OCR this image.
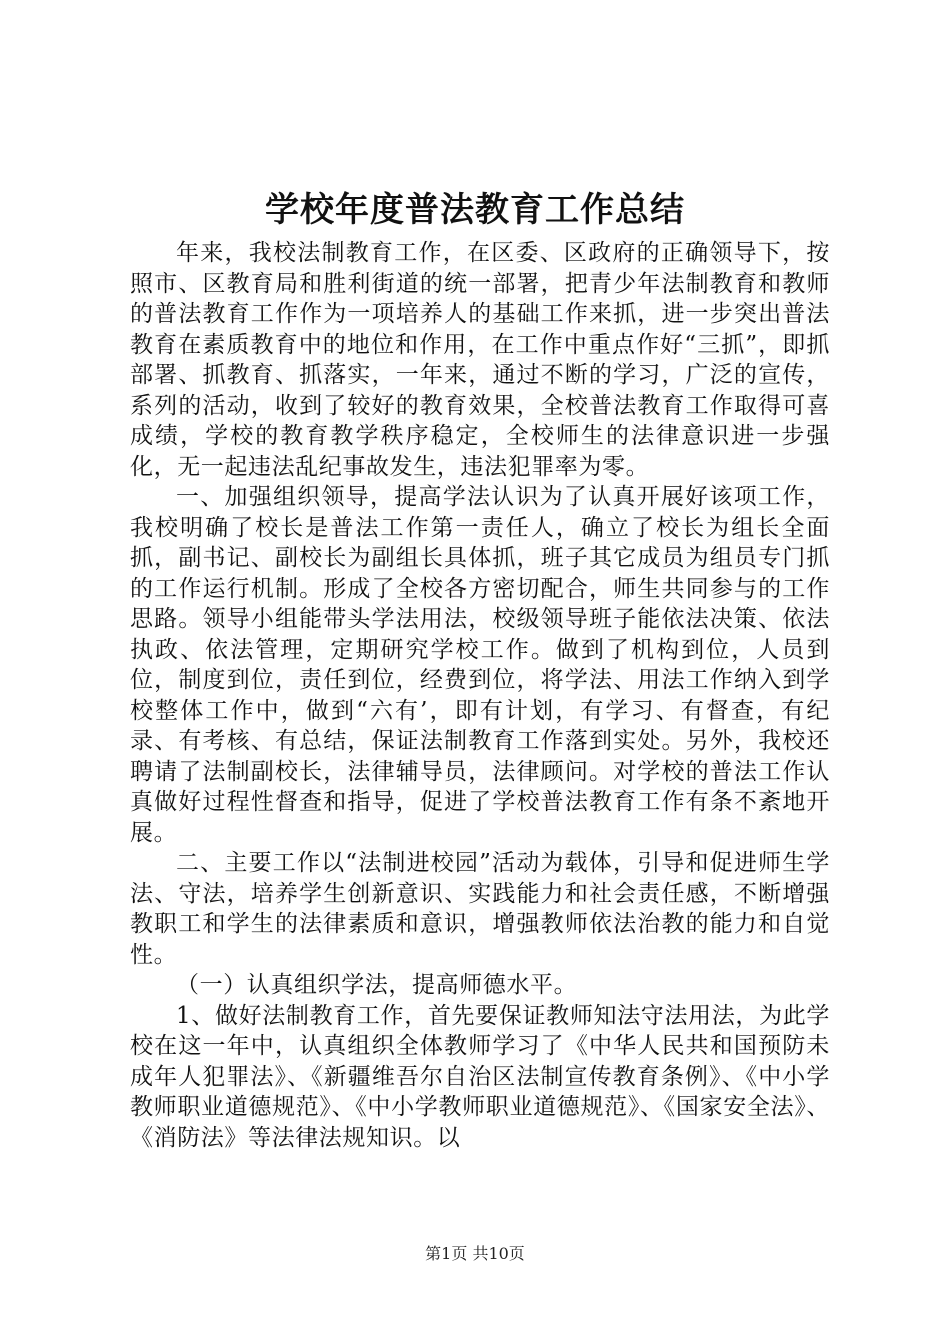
学校年度普法教育工作总结

年来，我校法制教育工作，在区委、区政府的正确领导下，按照市、区教育局和胜利街道的统一部署，把青少年法制教育和教师的普法教育工作作为一项培养人的基础工作来抓，进一步突出普法教育在素质教育中的地位和作用，在工作中重点作好“三抓”，即抓部署、抓教育、抓落实，一年来，通过不断的学习，广泛的宣传，系列的活动，收到了较好的教育效果，全校普法教育工作取得可喜成绩，学校的教育教学秩序稳定，全校师生的法律意识进一步强化，无一起违法乱纪事故发生，违法犯罪率为零。

一、加强组织领导，提高学法认识为了认真开展好该项工作，我校明确了校长是普法工作第一责任人，确立了校长为组长全面抓，副书记、副校长为副组长具体抓，班子其它成员为组员专门抓的工作运行机制。形成了全校各方密切配合，师生共同参与的工作思路。领导小组能带头学法用法，校级领导班子能依法决策、依法执政、依法管理，定期研究学校工作。做到了机构到位，人员到位，制度到位，责任到位，经费到位，将学法、用法工作纳入到学校整体工作中，做到“六有’，即有计划，有学习、有督查，有纪录、有考核、有总结，保证法制教育工作落到实处。另外，我校还聘请了法制副校长，法律辅导员，法律顾问。对学校的普法工作认真做好过程性督查和指导，促进了学校普法教育工作有条不紊地开展。

二、主要工作以“法制进校园”活动为载体，引导和促进师生学法、守法，培养学生创新意识、实践能力和社会责任感，不断增强教职工和学生的法律素质和意识，增强教师依法治教的能力和自觉性。

（一）认真组织学法，提高师德水平。

1、做好法制教育工作，首先要保证教师知法守法用法，为此学校在这一年中，认真组织全体教师学习了《中华人民共和国预防未成年人犯罪法》、《新疆维吾尔自治区法制宣传教育条例》、《中小学教师职业道德规范》、《中小学教师职业道德规范》、《国家安全法》、《消防法》等法律法规知识。以

第1页 共10页
